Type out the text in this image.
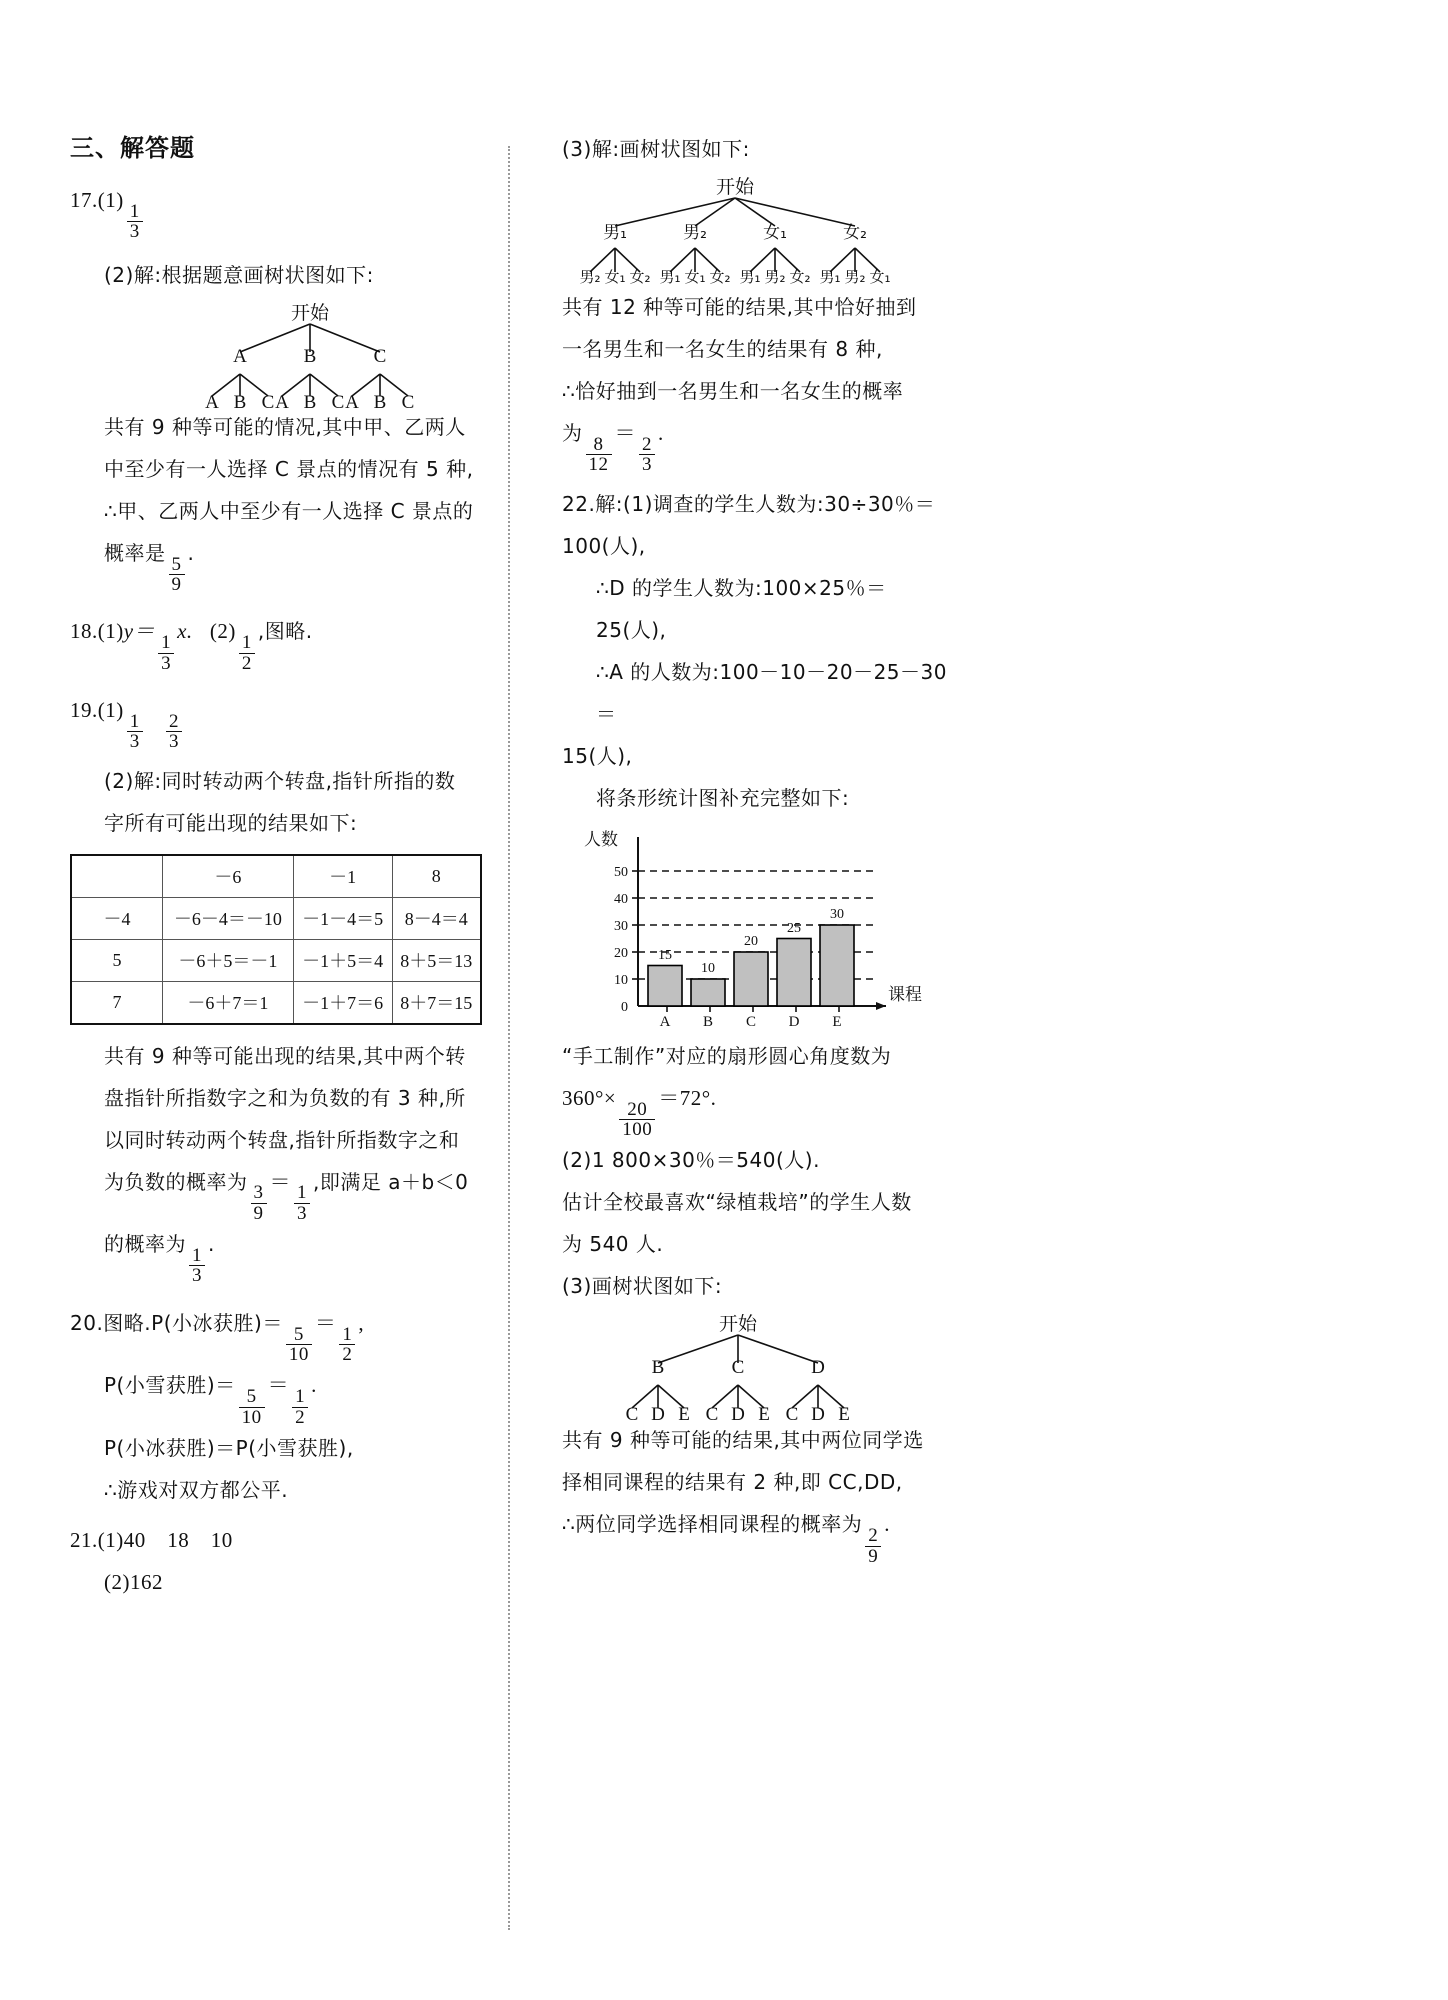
三、解答题
17.(1)
$\frac{1}{3}$
(2)解:根据题意画树状图如下:
开始
A	B	C
A B C A B C A B C
共有 9 种等可能的情况,其中甲、乙两人
中至少有一人选择 C 景点的情况有 5 种,
∴甲、乙两人中至少有一人选择 C 景点的
概率是
$\frac{5}{9}$
.
18.(1)y＝
$\frac{1}{3}$
x. (2)
$\frac{1}{2}$
,图略.
19.(1)
$\frac{1}{3}$
$\frac{2}{3}$
(2)解:同时转动两个转盘,指针所指的数
字所有可能出现的结果如下:
	－6	－1	8
－4	－6－4＝－10	－1－4＝5	8－4＝4
5	－6＋5＝－1	－1＋5＝4	8＋5＝13
7	－6＋7＝1	－1＋7＝6	8＋7＝15
共有 9 种等可能出现的结果,其中两个转
盘指针所指数字之和为负数的有 3 种,所
以同时转动两个转盘,指针所指数字之和
为负数的概率为
$\frac{3}{9}$
＝
$\frac{1}{3}$
,即满足 a＋b＜0
的概率为
$\frac{1}{3}$
.
20.图略.P(小冰获胜)＝
$\frac{5}{10}$
＝
$\frac{1}{2}$
,
P(小雪获胜)＝
$\frac{5}{10}$
＝
$\frac{1}{2}$
.
P(小冰获胜)＝P(小雪获胜),
∴游戏对双方都公平.
21.(1)40　18　10
(2)162
(3)解:画树状图如下:
开始
男₁	男₂	女₁	女₂
男₂ 女₁ 女₂ 男₁ 女₁ 女₂ 男₁ 男₂ 女₂ 男₁ 男₂ 女₁
共有 12 种等可能的结果,其中恰好抽到
一名男生和一名女生的结果有 8 种,
∴恰好抽到一名男生和一名女生的概率
为
$\frac{8}{12}$
＝
$\frac{2}{3}$
.
22.解:(1)调查的学生人数为:30÷30％＝
100(人),
∴D 的学生人数为:100×25％＝25(人),
∴A 的人数为:100－10－20－25－30＝
15(人),
将条形统计图补充完整如下:
人数
课程
0
10
20
30
40
50
15
10
20
25
30
A B C D E
“手工制作”对应的扇形圆心角度数为
360°×
$\frac{20}{100}$
＝72°.
(2)1 800×30％＝540(人).
估计全校最喜欢“绿植栽培”的学生人数
为 540 人.
(3)画树状图如下:
开始
B	C	D
C D E C D E C D E
共有 9 种等可能的结果,其中两位同学选
择相同课程的结果有 2 种,即 CC,DD,
∴两位同学选择相同课程的概率为
$\frac{2}{9}$
.
